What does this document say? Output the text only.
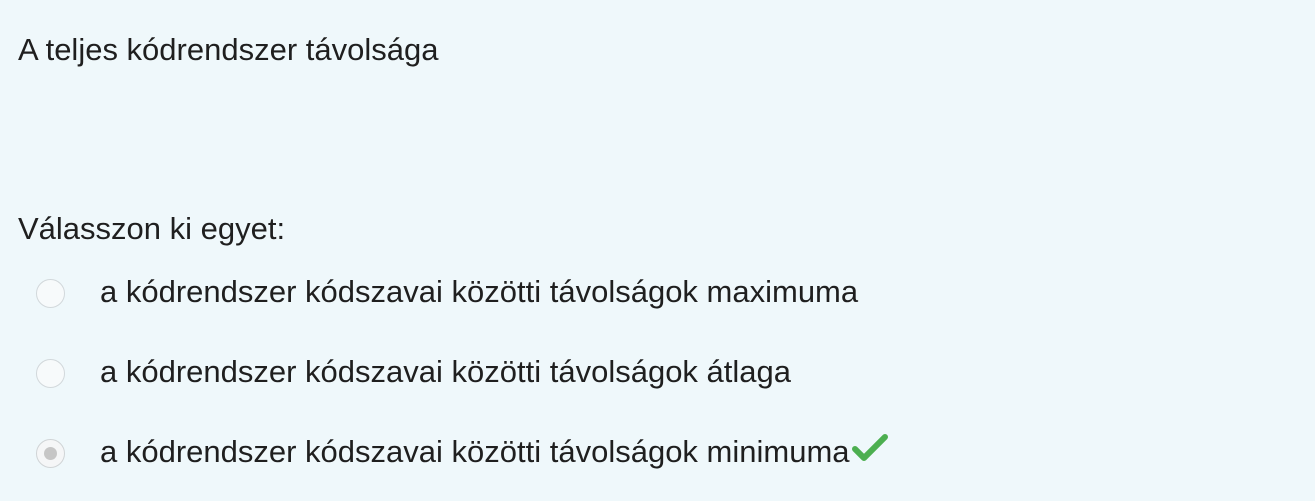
A teljes kódrendszer távolsága
Válasszon ki egyet:
a kódrendszer kódszavai közötti távolságok maximuma
a kódrendszer kódszavai közötti távolságok átlaga
a kódrendszer kódszavai közötti távolságok minimuma
